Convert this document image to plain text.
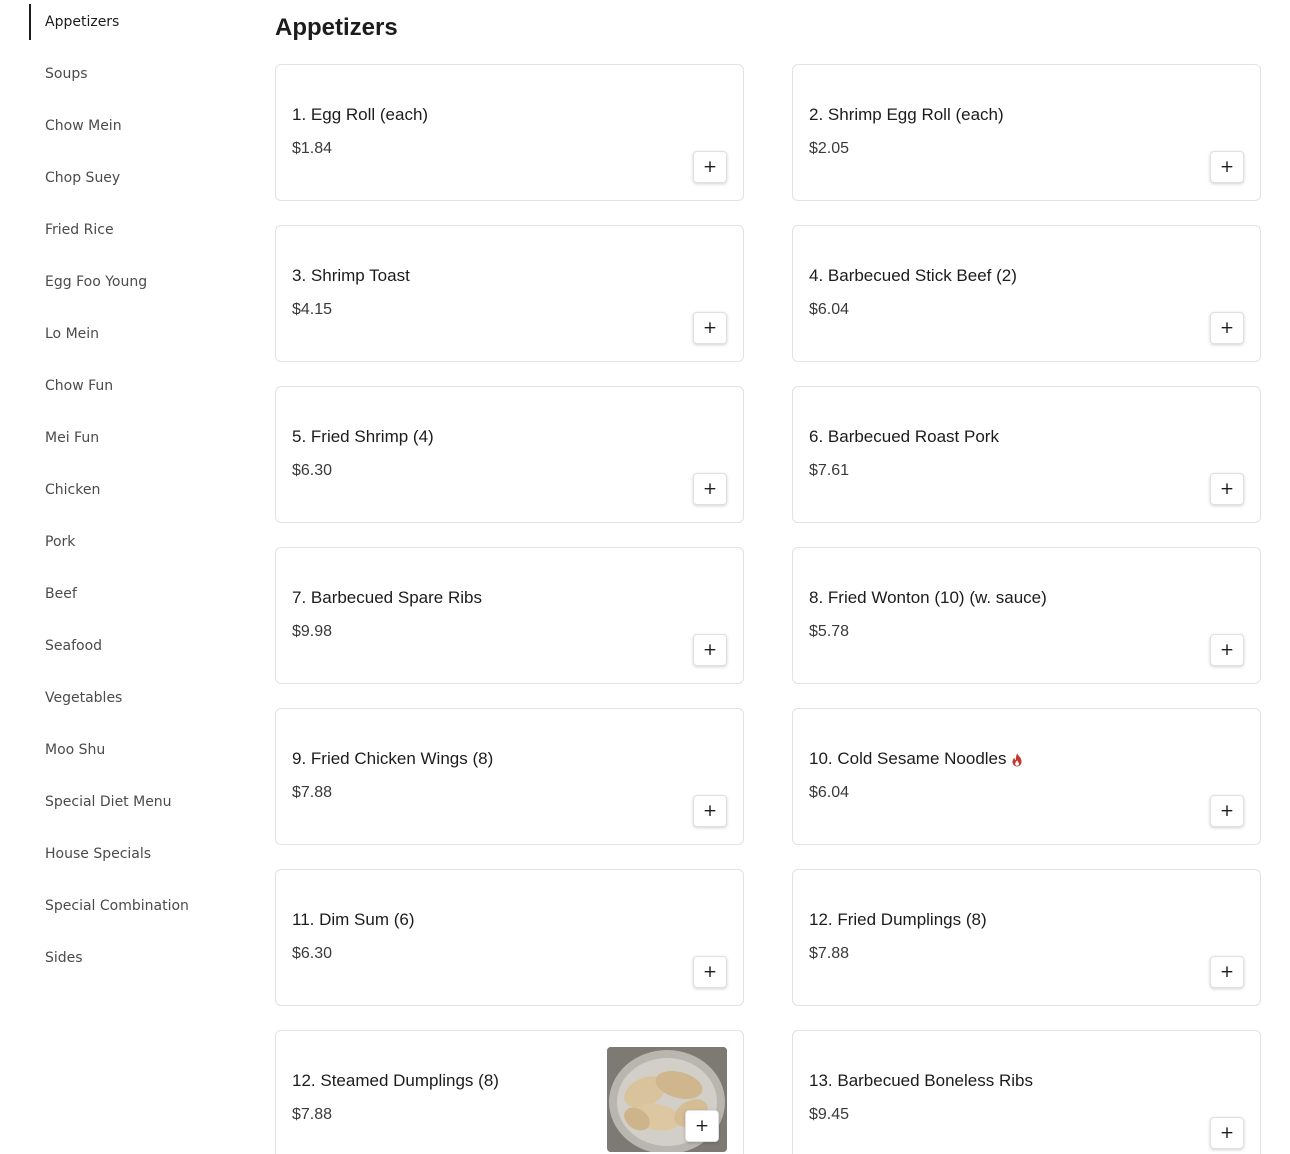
Appetizers
Soups
Chow Mein
Chop Suey
Fried Rice
Egg Foo Young
Lo Mein
Chow Fun
Mei Fun
Chicken
Pork
Beef
Seafood
Vegetables
Moo Shu
Special Diet Menu
House Specials
Special Combination
Sides
Appetizers
1. Egg Roll (each)
$1.84
+
2. Shrimp Egg Roll (each)
$2.05
+
3. Shrimp Toast
$4.15
+
4. Barbecued Stick Beef (2)
$6.04
+
5. Fried Shrimp (4)
$6.30
+
6. Barbecued Roast Pork
$7.61
+
7. Barbecued Spare Ribs
$9.98
+
8. Fried Wonton (10) (w. sauce)
$5.78
+
9. Fried Chicken Wings (8)
$7.88
+
10. Cold Sesame Noodles
$6.04
+
11. Dim Sum (6)
$6.30
+
12. Fried Dumplings (8)
$7.88
+
12. Steamed Dumplings (8)
$7.88
+
13. Barbecued Boneless Ribs
$9.45
+
